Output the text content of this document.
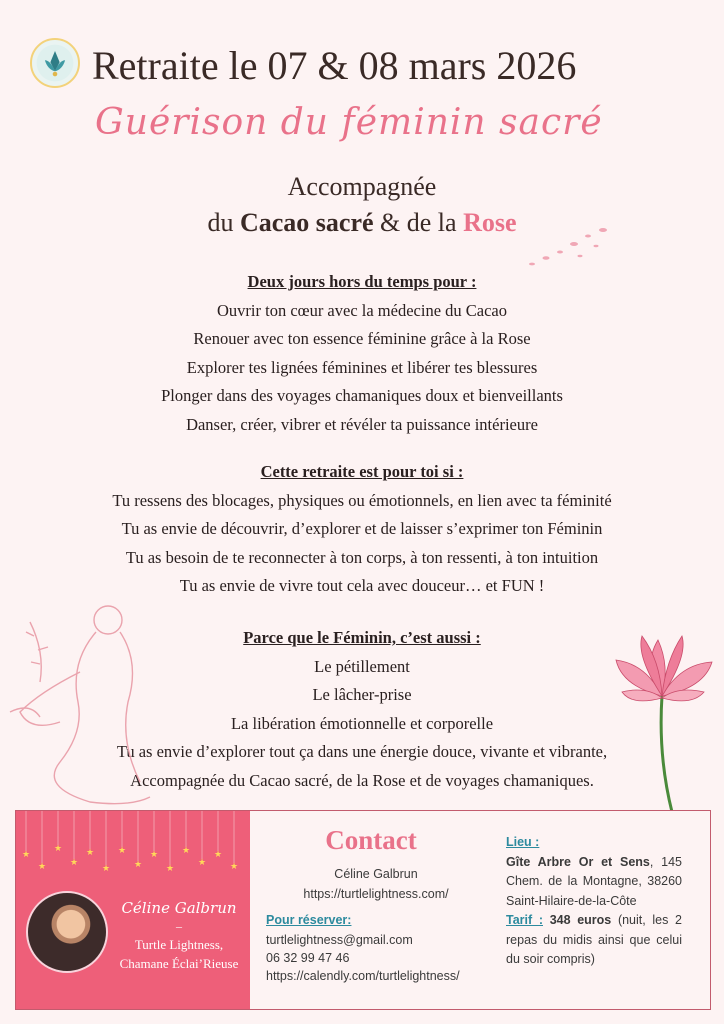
Retraite le 07 & 08 mars 2026
Guérison du féminin sacré
Accompagnée
du Cacao sacré & de la Rose
Deux jours hors du temps pour :
Ouvrir ton cœur avec la médecine du Cacao
Renouer avec ton essence féminine grâce à la Rose
Explorer tes lignées féminines et libérer tes blessures
Plonger dans des voyages chamaniques doux et bienveillants
Danser, créer, vibrer et révéler ta puissance intérieure
Cette retraite est pour toi si :
Tu ressens des blocages, physiques ou émotionnels, en lien avec ta féminité
Tu as envie de découvrir, d’explorer et de laisser s’exprimer ton Féminin
Tu as besoin de te reconnecter à ton corps, à ton ressenti, à ton intuition
Tu as envie de vivre tout cela avec douceur… et FUN !
Parce que le Féminin, c’est aussi :
Le pétillement
Le lâcher-prise
La libération émotionnelle et corporelle
Tu as envie d’explorer tout ça dans une énergie douce, vivante et vibrante,
Accompagnée du Cacao sacré, de la Rose et de voyages chamaniques.
★
★
★
★
★
★
★
★
★
★
★
★
★
★
Céline Galbrun
–
Turtle Lightness,
Chamane Éclai’Rieuse
Contact
Céline Galbrun
https://turtlelightness.com/
Pour réserver:
turtlelightness@gmail.com
06 32 99 47 46
https://calendly.com/turtlelightness/
Lieu :
Gîte Arbre Or et Sens, 145 Chem. de la Montagne, 38260 Saint-Hilaire-de-la-Côte
Tarif : 348 euros (nuit, les 2 repas du midis ainsi que celui du soir compris)
